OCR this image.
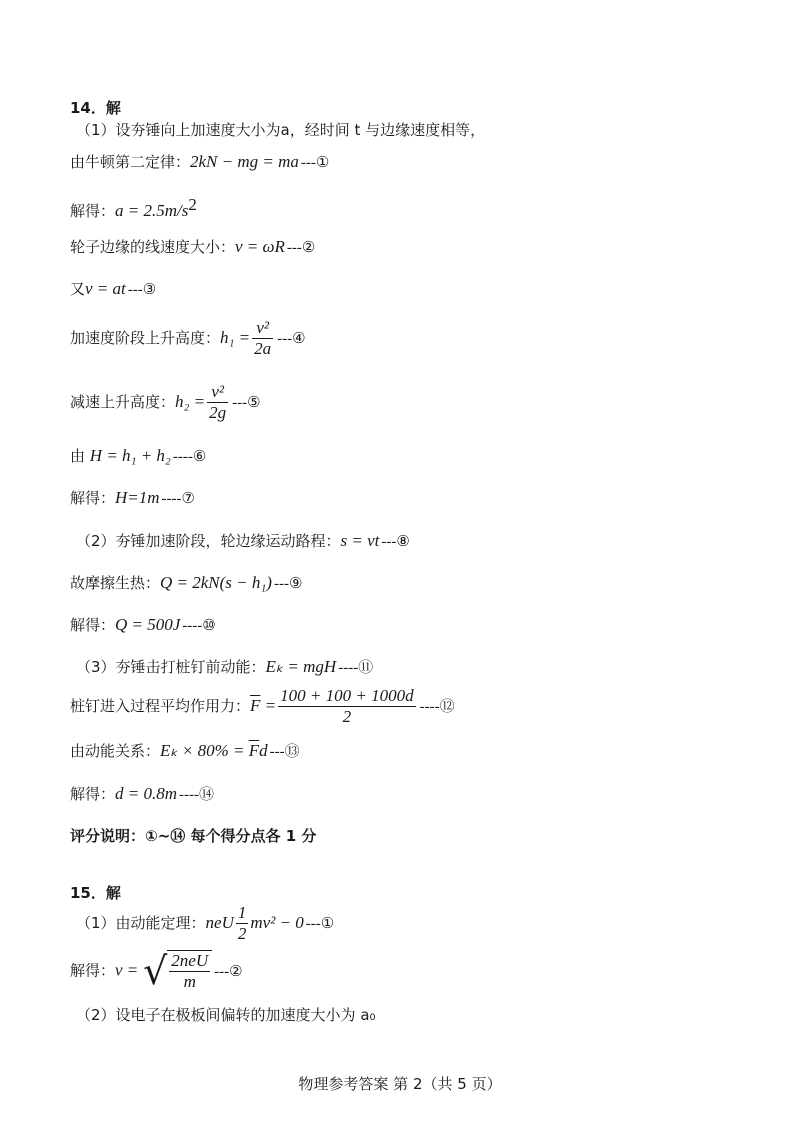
14．解
（1）设夯锤向上加速度大小为a，经时间 t 与边缘速度相等，
由牛顿第二定律：2kN − mg = ma ---①
解得：$a = 2.5m/s^2$
轮子边缘的线速度大小：v = ωR ---②
又v = at ---③
加速度阶段上升高度：$h_1 = \frac{\text{v²}}{2a}$ ---④
减速上升高度：$h_2 = \frac{\text{v²}}{2g}$ ---⑤
由 H = h₁ + h₂ ----⑥
解得：H=1m ----⑦
（2）夯锤加速阶段，轮边缘运动路程：s = vt ---⑧
故摩擦生热：Q = 2kN(s − h₁) ---⑨
解得：Q = 500J ----⑩
（3）夯锤击打桩钉前动能：Eₖ = mgH ----⑪
桩钉进入过程平均作用力：$\overline{F} = \frac{100 + 100 + 1000d}{2}$ ----⑫
由动能关系：$E_k \times 80\% = \overline{F}d$ ---⑬
解得：d = 0.8m ----⑭
评分说明：①~⑭ 每个得分点各 1 分
15．解
（1）由动能定理：neU $\frac{1}{2} mv^2 - 0$ ---①
解得：v = √ $\frac{\text{2neU}}{m}$ ---②
（2）设电子在极板间偏转的加速度大小为 a₀
物理参考答案 第 2（共 5 页）
